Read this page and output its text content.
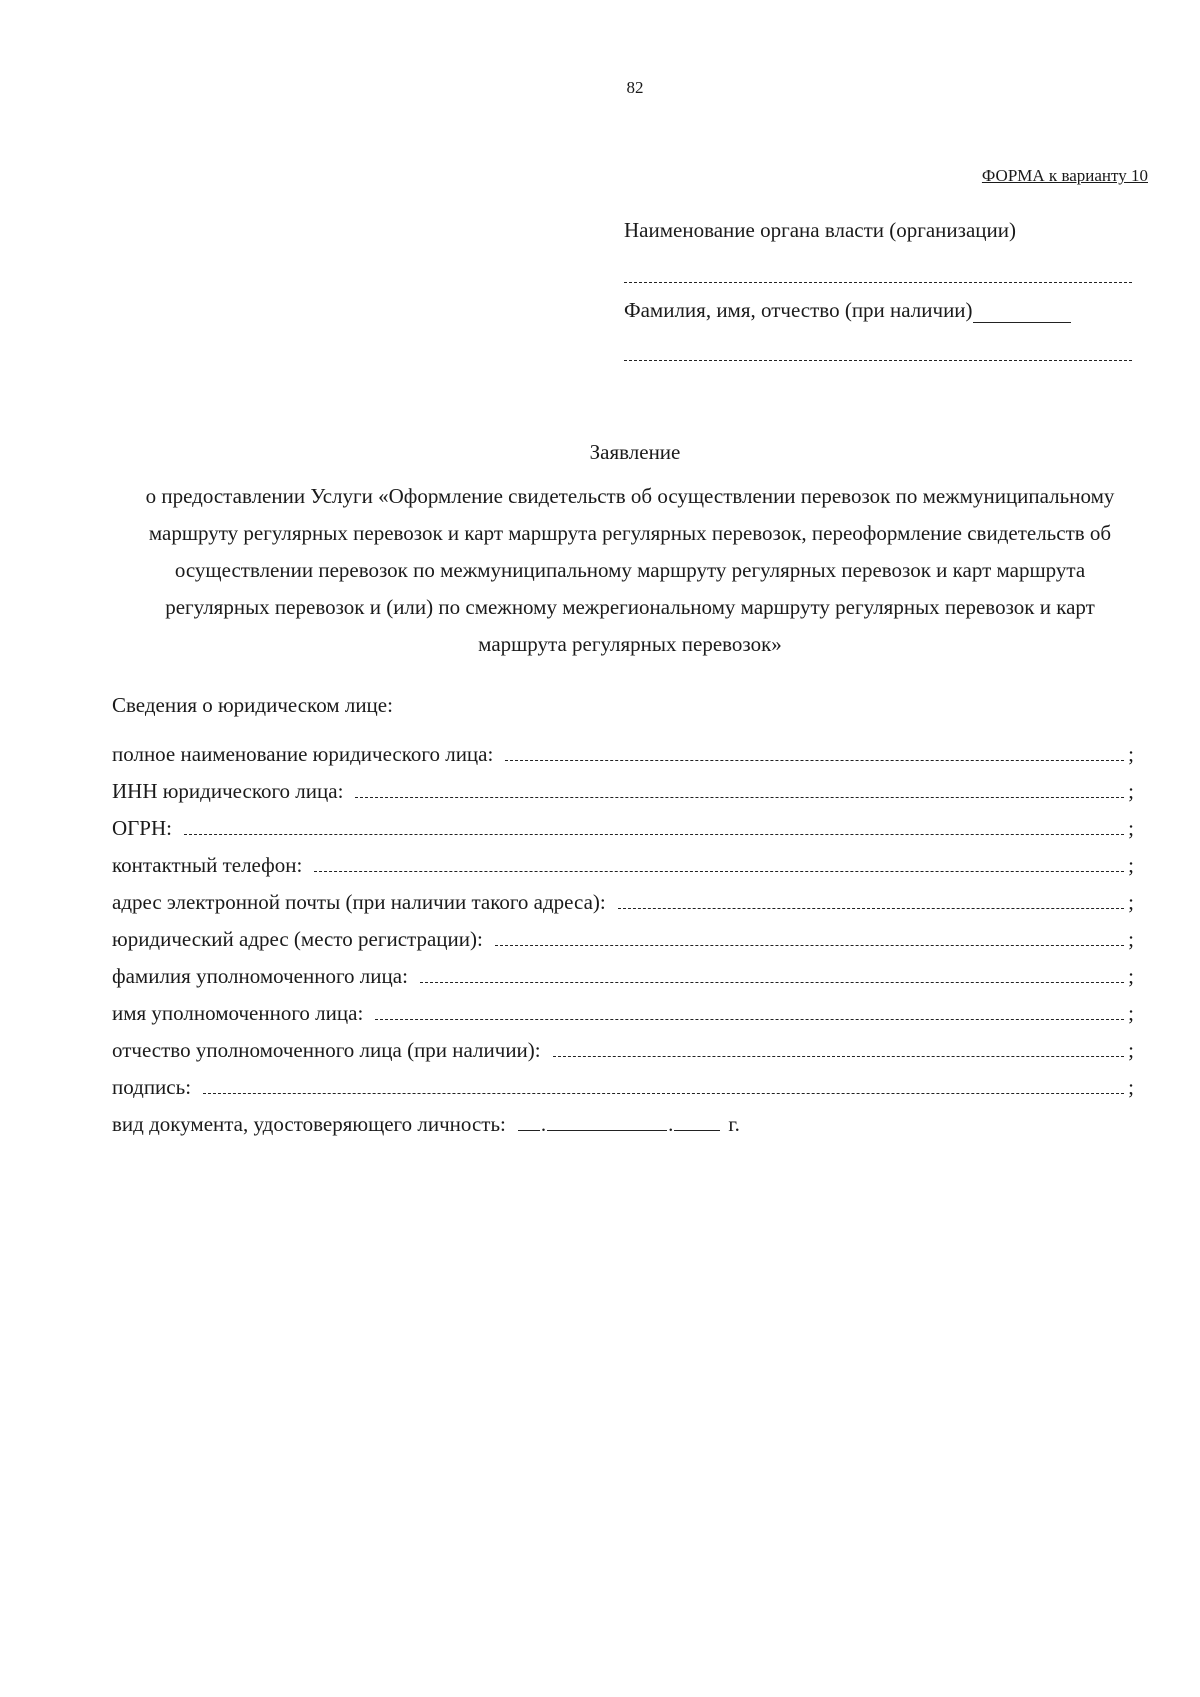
82
ФОРМА к варианту 10
Наименование органа власти (организации)
Фамилия, имя, отчество (при наличии)
Заявление
о предоставлении Услуги «Оформление свидетельств об осуществлении перевозок по межмуниципальному маршруту регулярных перевозок и карт маршрута регулярных перевозок, переоформление свидетельств об осуществлении перевозок по межмуниципальному маршруту регулярных перевозок и карт маршрута регулярных перевозок и (или) по смежному межрегиональному маршруту регулярных перевозок и карт маршрута регулярных перевозок»
Сведения о юридическом лице:
полное наименование юридического лица:	;
ИНН юридического лица:	;
ОГРН:	;
контактный телефон:	;
адрес электронной почты (при наличии такого адреса):	;
юридический адрес (место регистрации):	;
фамилия уполномоченного лица:	;
имя уполномоченного лица:	;
отчество уполномоченного лица (при наличии):	;
подпись:	;
вид документа, удостоверяющего личность: .	.	г.
